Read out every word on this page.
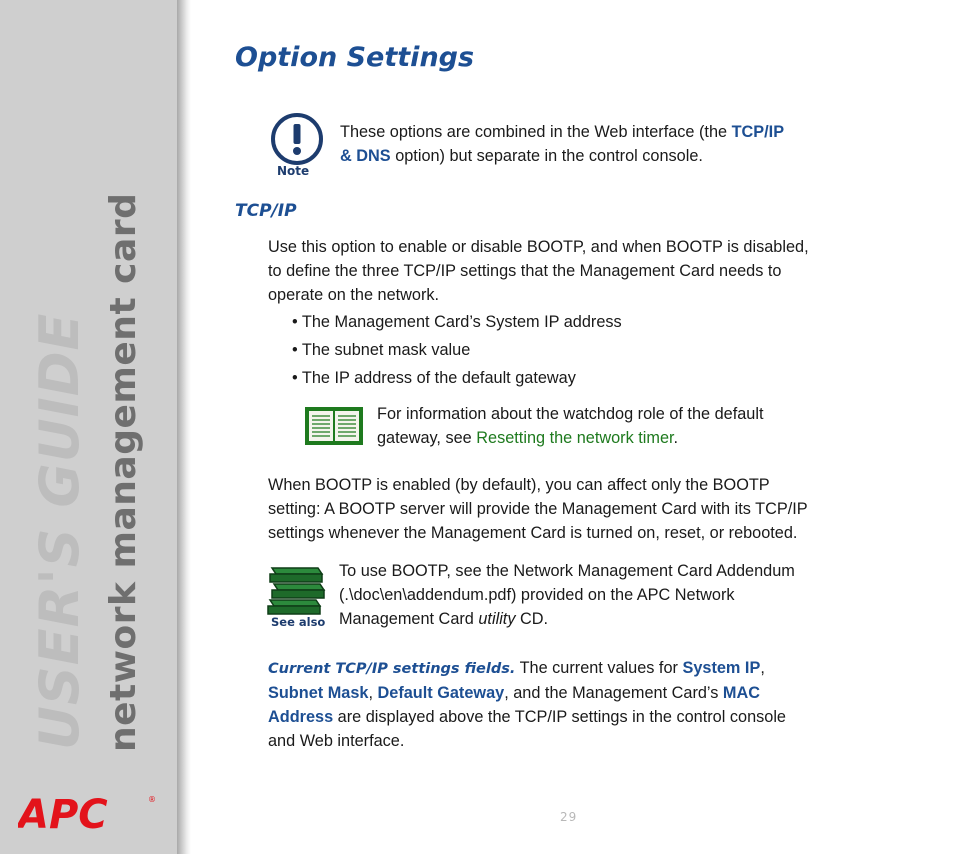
USER'S GUIDE network management card
APC	®
Option Settings
Note
These options are combined in the Web interface (the TCP/IP
& DNS option) but separate in the control console.
TCP/IP
Use this option to enable or disable BOOTP, and when BOOTP is disabled,
to define the three TCP/IP settings that the Management Card needs to
operate on the network.
• The Management Card’s System IP address
• The subnet mask value
• The IP address of the default gateway
For information about the watchdog role of the default
gateway, see Resetting the network timer.
When BOOTP is enabled (by default), you can affect only the BOOTP
setting: A BOOTP server will provide the Management Card with its TCP/IP
settings whenever the Management Card is turned on, reset, or rebooted.
See also
To use BOOTP, see the Network Management Card Addendum
(.\doc\en\addendum.pdf) provided on the APC Network
Management Card utility CD.
Current TCP/IP settings fields. The current values for System IP,
Subnet Mask, Default Gateway, and the Management Card’s MAC
Address are displayed above the TCP/IP settings in the control console
and Web interface.
29
